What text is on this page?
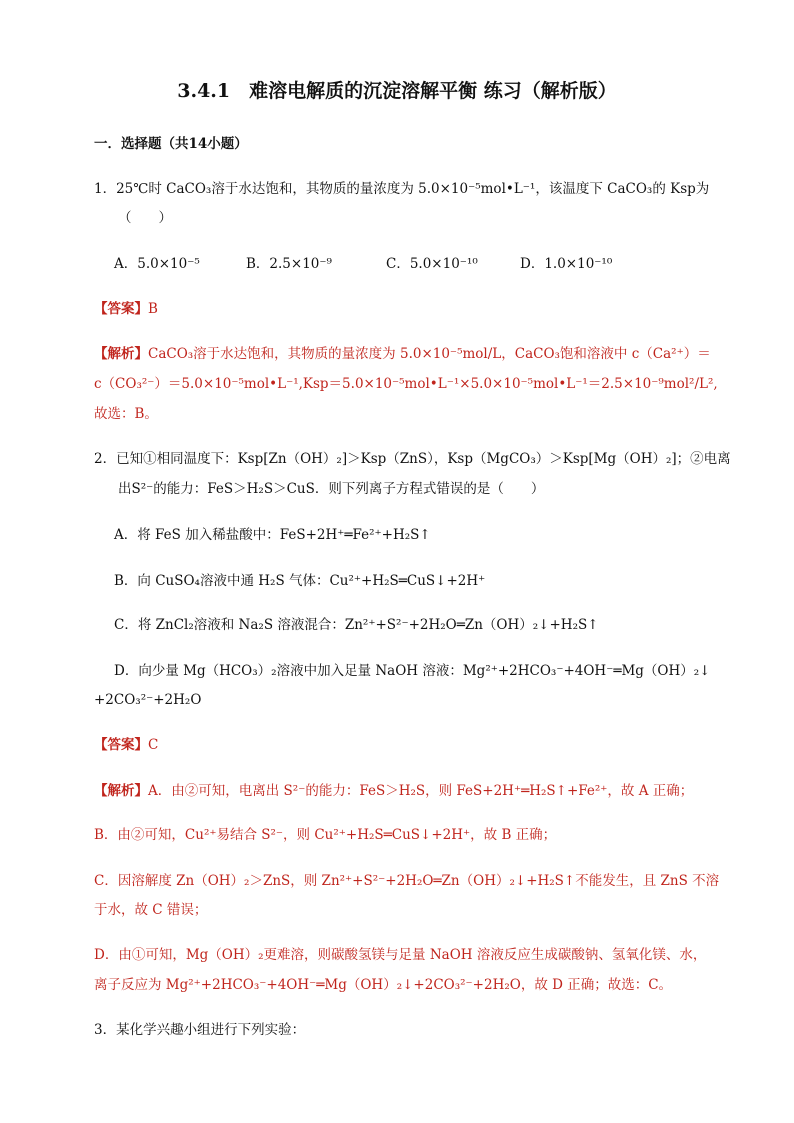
3.4.1　难溶电解质的沉淀溶解平衡 练习（解析版）
一．选择题（共14小题）
1．25℃时 CaCO₃溶于水达饱和，其物质的量浓度为 5.0×10⁻⁵mol•L⁻¹，该温度下 CaCO₃的 Ksp为
（　　）
A．5.0×10⁻⁵	B．2.5×10⁻⁹	C．5.0×10⁻¹⁰	D．1.0×10⁻¹⁰
【答案】B
【解析】CaCO₃溶于水达饱和，其物质的量浓度为 5.0×10⁻⁵mol/L，CaCO₃饱和溶液中 c（Ca²⁺）＝
c（CO₃²⁻）＝5.0×10⁻⁵mol•L⁻¹,Ksp＝5.0×10⁻⁵mol•L⁻¹×5.0×10⁻⁵mol•L⁻¹＝2.5×10⁻⁹mol²/L²,
故选：B。
2．已知①相同温度下：Ksp[Zn（OH）₂]＞Ksp（ZnS），Ksp（MgCO₃）＞Ksp[Mg（OH）₂]；②电离
出S²⁻的能力：FeS＞H₂S＞CuS．则下列离子方程式错误的是（　　）
A．将 FeS 加入稀盐酸中：FeS+2H⁺═Fe²⁺+H₂S↑
B．向 CuSO₄溶液中通 H₂S 气体：Cu²⁺+H₂S═CuS↓+2H⁺
C．将 ZnCl₂溶液和 Na₂S 溶液混合：Zn²⁺+S²⁻+2H₂O═Zn（OH）₂↓+H₂S↑
D．向少量 Mg（HCO₃）₂溶液中加入足量 NaOH 溶液：Mg²⁺+2HCO₃⁻+4OH⁻═Mg（OH）₂↓
+2CO₃²⁻+2H₂O
【答案】C
【解析】A．由②可知，电离出 S²⁻的能力：FeS＞H₂S，则 FeS+2H⁺═H₂S↑+Fe²⁺，故 A 正确；
B．由②可知，Cu²⁺易结合 S²⁻，则 Cu²⁺+H₂S═CuS↓+2H⁺，故 B 正确；
C．因溶解度 Zn（OH）₂＞ZnS，则 Zn²⁺+S²⁻+2H₂O═Zn（OH）₂↓+H₂S↑不能发生，且 ZnS 不溶
于水，故 C 错误；
D．由①可知，Mg（OH）₂更难溶，则碳酸氢镁与足量 NaOH 溶液反应生成碳酸钠、氢氧化镁、水，
离子反应为 Mg²⁺+2HCO₃⁻+4OH⁻═Mg（OH）₂↓+2CO₃²⁻+2H₂O，故 D 正确；故选：C。
3．某化学兴趣小组进行下列实验：
